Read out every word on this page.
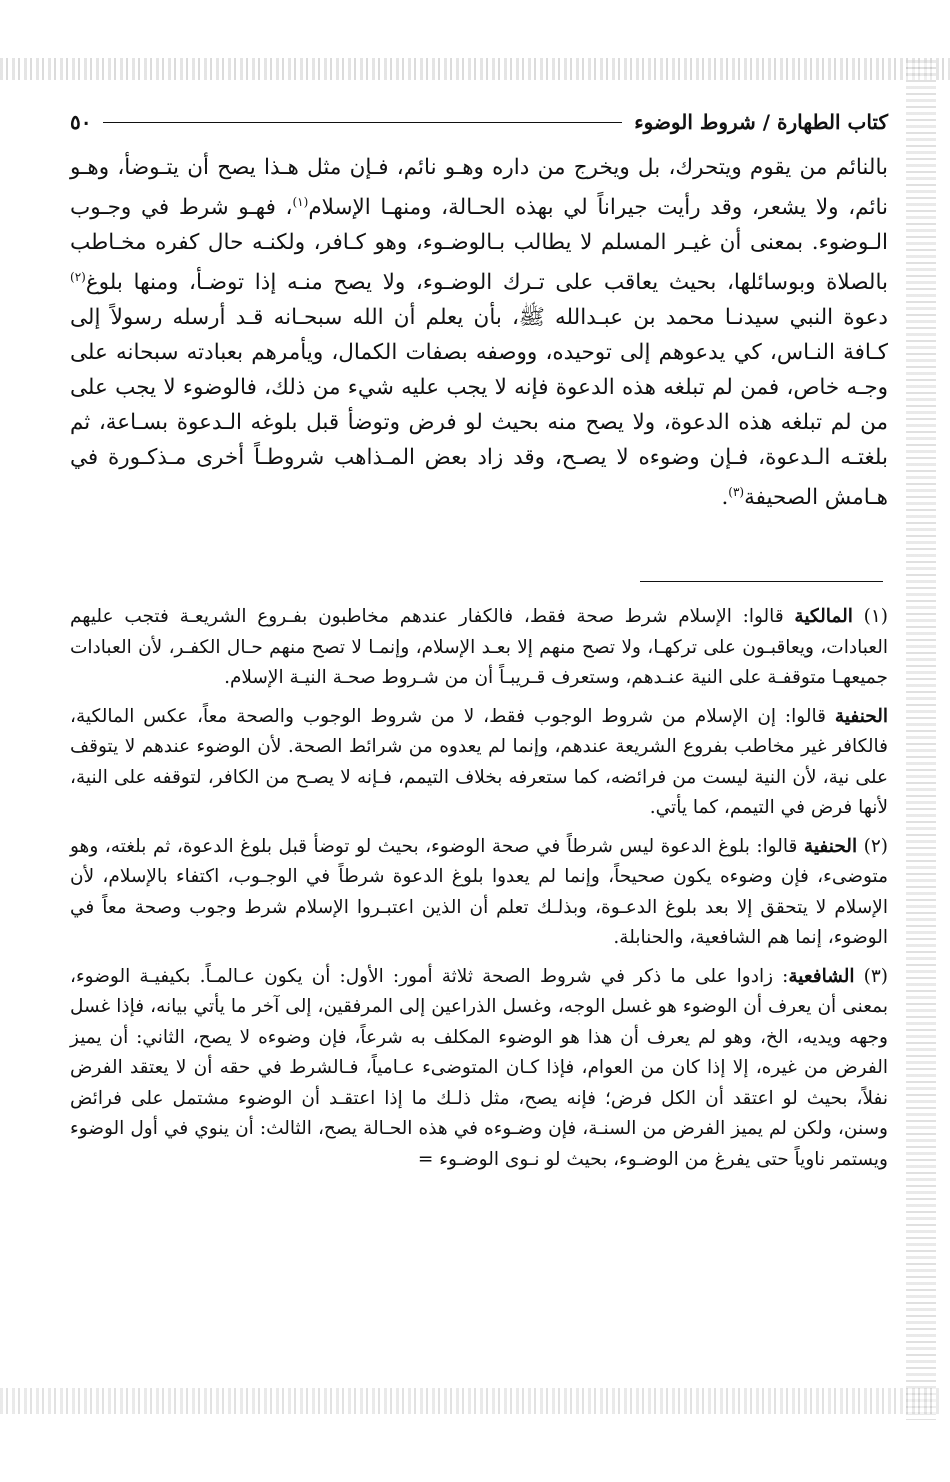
كتاب الطهارة / شروط الوضوء
٥٠

بالنائم من يقوم ويتحرك، بل ويخرج من داره وهـو نائم، فـإن مثل هـذا يصح أن يتـوضأ، وهـو نائم، ولا يشعر، وقد رأيت جيراناً لي بهذه الحـالة، ومنهـا الإسلام$^{(١)}$، فهـو شرط في وجـوب الـوضوء. بمعنى أن غيـر المسلم لا يطالب بـالوضـوء، وهو كـافر، ولكنـه حال كفره مخـاطب بالصلاة وبوسائلها، بحيث يعاقب على تـرك الوضـوء، ولا يصح منـه إذا توضـأ، ومنها بلوغ$^{(٢)}$ دعوة النبي سيدنـا محمد بن عبـدالله ﷺ، بأن يعلم أن الله سبحـانه قـد أرسله رسولاً إلى كـافة النـاس، كي يدعوهم إلى توحيده، ووصفه بصفات الكمال، ويأمرهم بعبادته سبحانه على وجـه خاص، فمن لم تبلغه هذه الدعوة فإنه لا يجب عليه شيء من ذلك، فالوضوء لا يجب على من لم تبلغه هذه الدعوة، ولا يصح منه بحيث لو فرض وتوضأ قبل بلوغه الـدعوة بسـاعة، ثم بلغتـه الـدعوة، فـإن وضوءه لا يصـح، وقد زاد بعض المـذاهب شروطـاً أخرى مـذكـورة في هـامش الصحيفة$^{(٣)}$.

(١) المالكية قالوا: الإسلام شرط صحة فقط، فالكفار عندهم مخاطبون بفـروع الشريعـة فتجب عليهم العبادات، ويعاقبـون على تركهـا، ولا تصح منهم إلا بعـد الإسلام، وإنمـا لا تصح منهم حـال الكفـر، لأن العبادات جميعهـا متوقفـة على النية عنـدهم، وستعرف قـريبـاً أن من شـروط صحـة النيـة الإسلام.

الحنفية قالوا: إن الإسلام من شروط الوجوب فقط، لا من شروط الوجوب والصحة معاً، عكس المالكية، فالكافر غير مخاطب بفروع الشريعة عندهم، وإنما لم يعدوه من شرائط الصحة. لأن الوضوء عندهم لا يتوقف على نية، لأن النية ليست من فرائضه، كما ستعرفه بخلاف التيمم، فـإنه لا يصـح من الكافر، لتوقفه على النية، لأنها فرض في التيمم، كما يأتي.

(٢) الحنفية قالوا: بلوغ الدعوة ليس شرطاً في صحة الوضوء، بحيث لو توضأ قبل بلوغ الدعوة، ثم بلغته، وهو متوضىء، فإن وضوءه يكون صحيحاً، وإنما لم يعدوا بلوغ الدعوة شرطاً في الوجـوب، اكتفاء بالإسلام، لأن الإسلام لا يتحقق إلا بعد بلوغ الدعـوة، وبذلـك تعلم أن الذين اعتبـروا الإسلام شرط وجوب وصحة معاً في الوضوء، إنما هم الشافعية، والحنابلة.

(٣) الشافعية: زادوا على ما ذكر في شروط الصحة ثلاثة أمور: الأول: أن يكون عـالمـاً. بكيفيـة الوضوء، بمعنى أن يعرف أن الوضوء هو غسل الوجه، وغسل الذراعين إلى المرفقين، إلى آخر ما يأتي بيانه، فإذا غسل وجهه ويديه، الخ، وهو لم يعرف أن هذا هو الوضوء المكلف به شرعاً، فإن وضوءه لا يصح، الثاني: أن يميز الفرض من غيره، إلا إذا كان من العوام، فإذا كـان المتوضىء عـامياً، فـالشرط في حقه أن لا يعتقد الفرض نفلاً، بحيث لو اعتقد أن الكل فرض؛ فإنه يصح، مثل ذلـك ما إذا اعتقـد أن الوضوء مشتمل على فرائض وسنن، ولكن لم يميز الفرض من السنـة، فإن وضـوءه في هذه الحـالة يصح، الثالث: أن ينوي في أول الوضوء ويستمر ناوياً حتى يفرغ من الوضـوء، بحيث لو نـوى الوضـوء =
